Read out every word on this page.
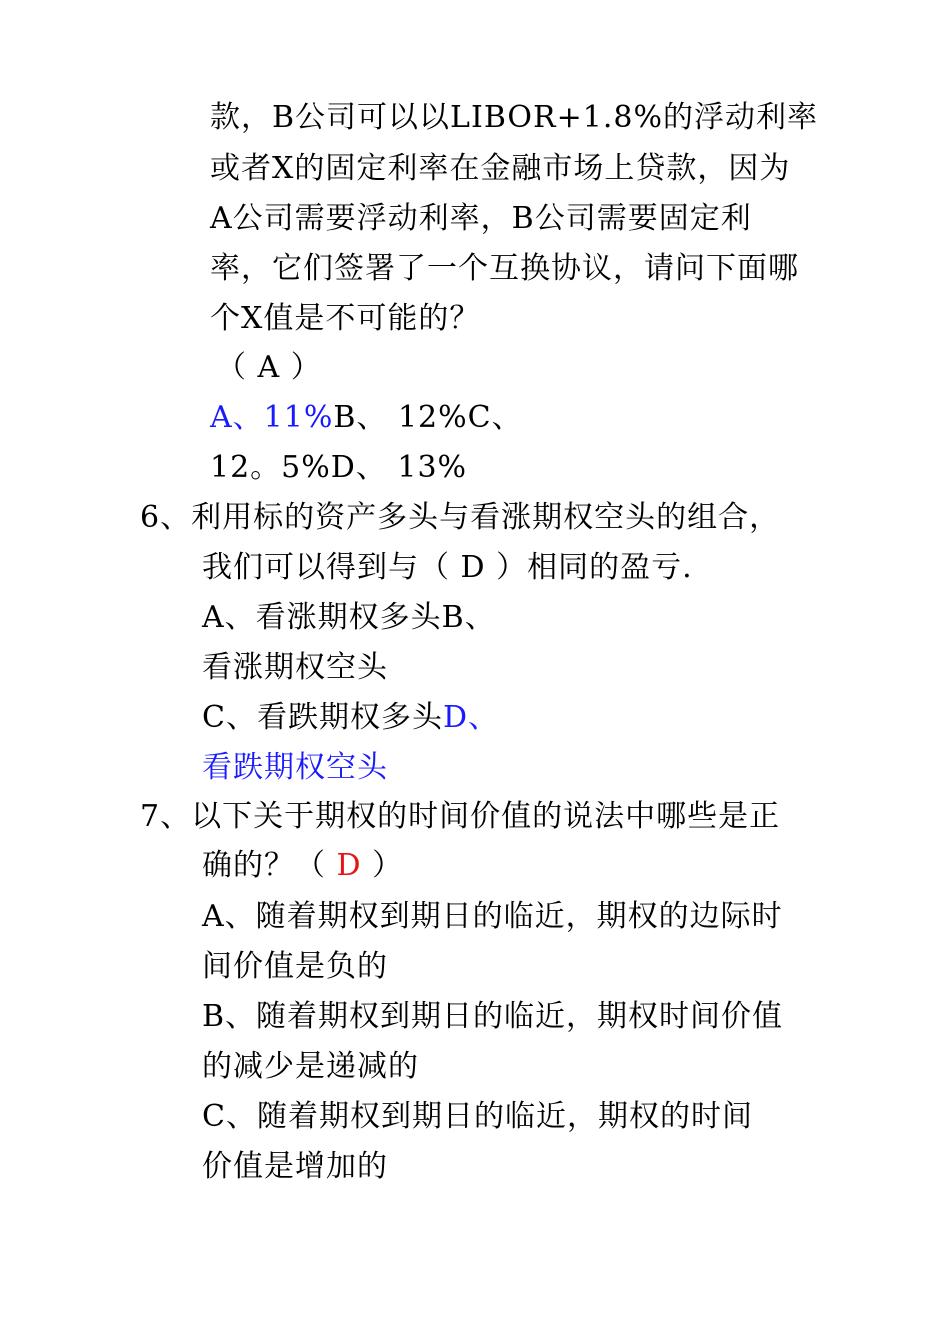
款，B公司可以以LIBOR+1.8%的浮动利率
或者X的固定利率在金融市场上贷款，因为
A公司需要浮动利率，B公司需要固定利
率，它们签署了一个互换协议，请问下面哪
个X值是不可能的？
（ A ）
A、11%B、 12%C、
12。5%D、 13%
6、利用标的资产多头与看涨期权空头的组合，
我们可以得到与（ D ）相同的盈亏.
A、看涨期权多头B、
看涨期权空头
C、看跌期权多头D、
看跌期权空头
7、以下关于期权的时间价值的说法中哪些是正
确的？（ D ）
A、随着期权到期日的临近，期权的边际时
间价值是负的
B、随着期权到期日的临近，期权时间价值
的减少是递减的
C、随着期权到期日的临近，期权的时间
价值是增加的
